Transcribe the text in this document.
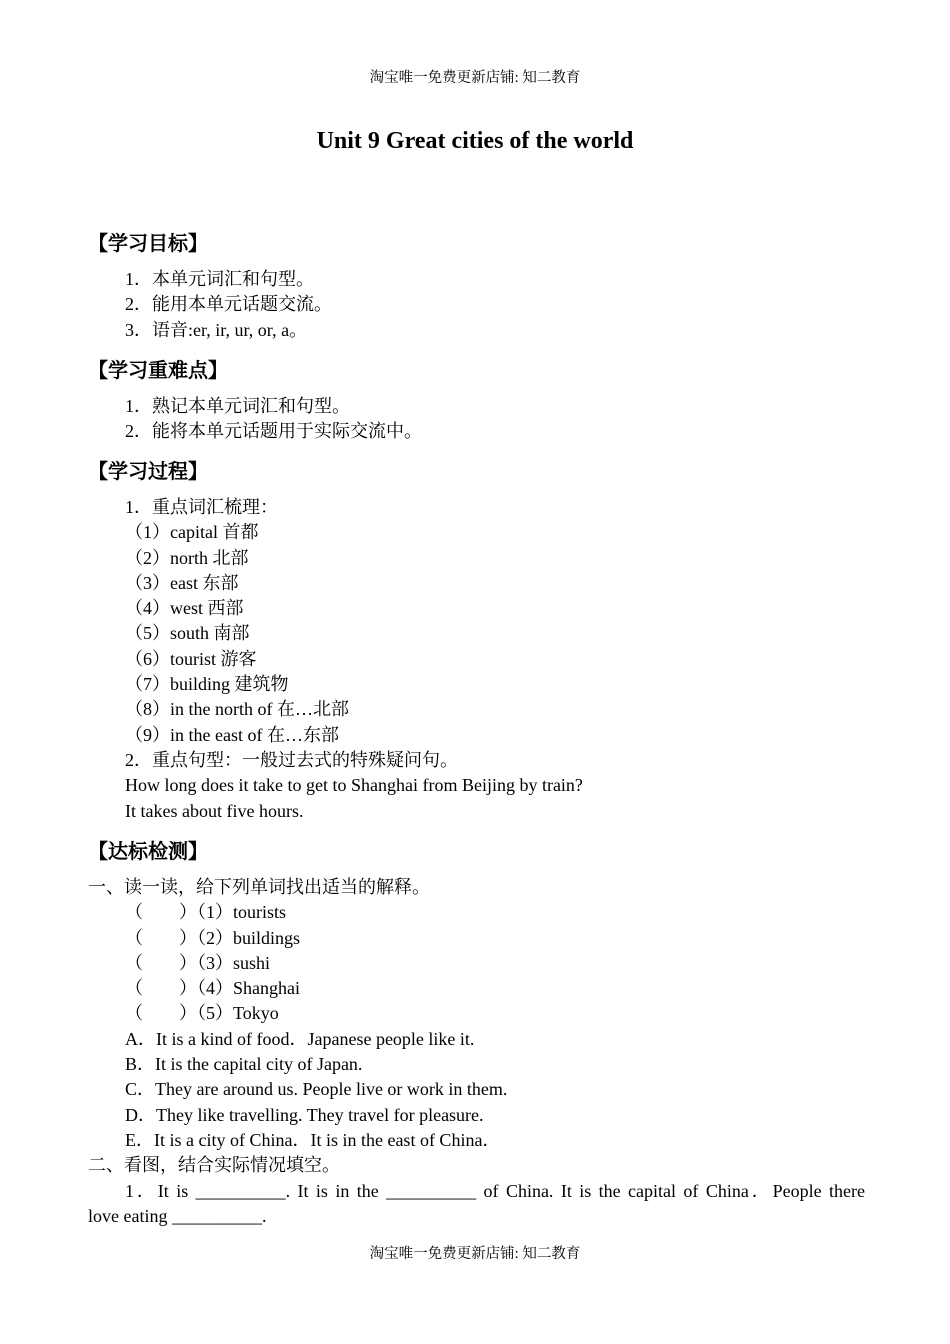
淘宝唯一免费更新店铺: 知二教育
Unit 9 Great cities of the world
【学习目标】
1．本单元词汇和句型。
2．能用本单元话题交流。
3．语音:er, ir, ur, or, a。
【学习重难点】
1．熟记本单元词汇和句型。
2．能将本单元话题用于实际交流中。
【学习过程】
1．重点词汇梳理：
（1）capital 首都
（2）north 北部
（3）east 东部
（4）west 西部
（5）south 南部
（6）tourist 游客
（7）building 建筑物
（8）in the north of 在…北部
（9）in the east of 在…东部
2．重点句型：一般过去式的特殊疑问句。
How long does it take to get to Shanghai from Beijing by train?
It takes about five hours.
【达标检测】
一、读一读，给下列单词找出适当的解释。
（　　）（1）tourists
（　　）（2）buildings
（　　）（3）sushi
（　　）（4）Shanghai
（　　）（5）Tokyo
A．It is a kind of food．Japanese people like it.
B．It is the capital city of Japan.
C．They are around us. People live or work in them.
D．They like travelling. They travel for pleasure.
E．It is a city of China．It is in the east of China．
二、看图，结合实际情况填空。
1．It is __________. It is in the __________ of China. It is the capital of China．People there
love eating __________.
淘宝唯一免费更新店铺: 知二教育
